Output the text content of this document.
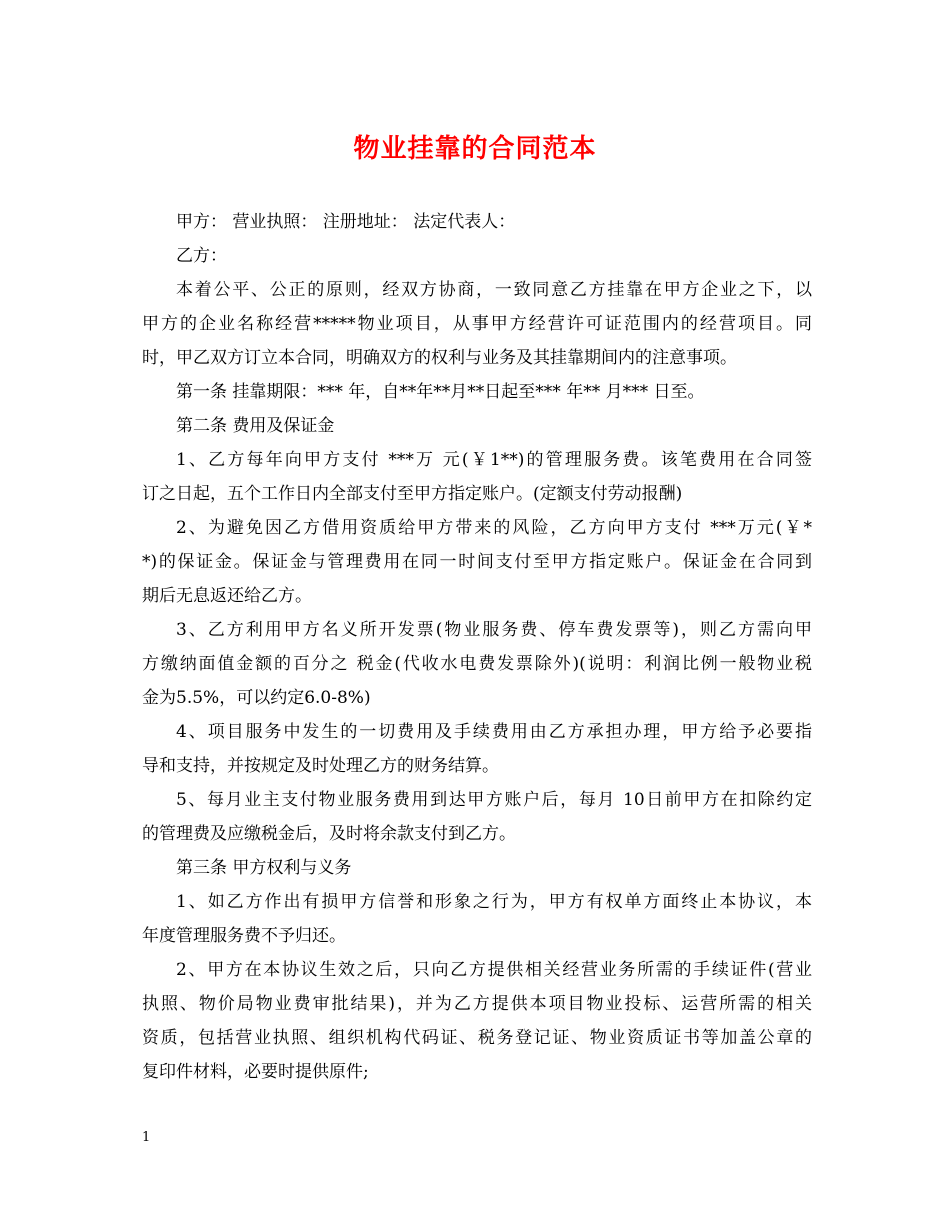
物业挂靠的合同范本
甲方： 营业执照： 注册地址： 法定代表人：
乙方：
本着公平、公正的原则，经双方协商，一致同意乙方挂靠在甲方企业之下，以
甲方的企业名称经营*****物业项目，从事甲方经营许可证范围内的经营项目。同
时，甲乙双方订立本合同，明确双方的权利与业务及其挂靠期间内的注意事项。
第一条 挂靠期限：*** 年，自**年**月**日起至*** 年** 月*** 日至。
第二条 费用及保证金
1、乙方每年向甲方支付 ***万 元(￥1**)的管理服务费。该笔费用在合同签
订之日起，五个工作日内全部支付至甲方指定账户。(定额支付劳动报酬)
2、为避免因乙方借用资质给甲方带来的风险，乙方向甲方支付 ***万元(￥*
*)的保证金。保证金与管理费用在同一时间支付至甲方指定账户。保证金在合同到
期后无息返还给乙方。
3、乙方利用甲方名义所开发票(物业服务费、停车费发票等)，则乙方需向甲
方缴纳面值金额的百分之 税金(代收水电费发票除外)(说明：利润比例一般物业税
金为5.5%，可以约定6.0-8%)
4、项目服务中发生的一切费用及手续费用由乙方承担办理，甲方给予必要指
导和支持，并按规定及时处理乙方的财务结算。
5、每月业主支付物业服务费用到达甲方账户后，每月 10日前甲方在扣除约定
的管理费及应缴税金后，及时将余款支付到乙方。
第三条 甲方权利与义务
1、如乙方作出有损甲方信誉和形象之行为，甲方有权单方面终止本协议，本
年度管理服务费不予归还。
2、甲方在本协议生效之后，只向乙方提供相关经营业务所需的手续证件(营业
执照、物价局物业费审批结果)，并为乙方提供本项目物业投标、运营所需的相关
资质，包括营业执照、组织机构代码证、税务登记证、物业资质证书等加盖公章的
复印件材料，必要时提供原件;
1
